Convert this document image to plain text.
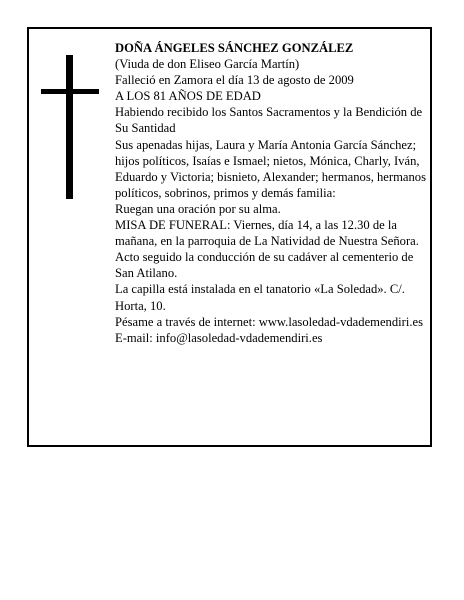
DOÑA ÁNGELES SÁNCHEZ GONZÁLEZ

(Viuda de don Eliseo García Martín)

Falleció en Zamora el día 13 de agosto de 2009

A LOS 81 AÑOS DE EDAD

Habiendo recibido los Santos Sacramentos y la Bendición de Su Santidad

Sus apenadas hijas, Laura y María Antonia García Sánchez; hijos políticos, Isaías e Ismael; nietos, Mónica, Charly, Iván, Eduardo y Victoria; bisnieto, Alexander; hermanos, hermanos políticos, sobrinos, primos y demás familia:

Ruegan una oración por su alma.

MISA DE FUNERAL: Viernes, día 14, a las 12.30 de la mañana, en la parroquia de La Natividad de Nuestra Señora. Acto seguido la conducción de su cadáver al cementerio de San Atilano.

La capilla está instalada en el tanatorio «La Soledad». C/. Horta, 10.

Pésame a través de internet: www.lasoledad-vdademendiri.es

E-mail: info@lasoledad-vdademendiri.es
